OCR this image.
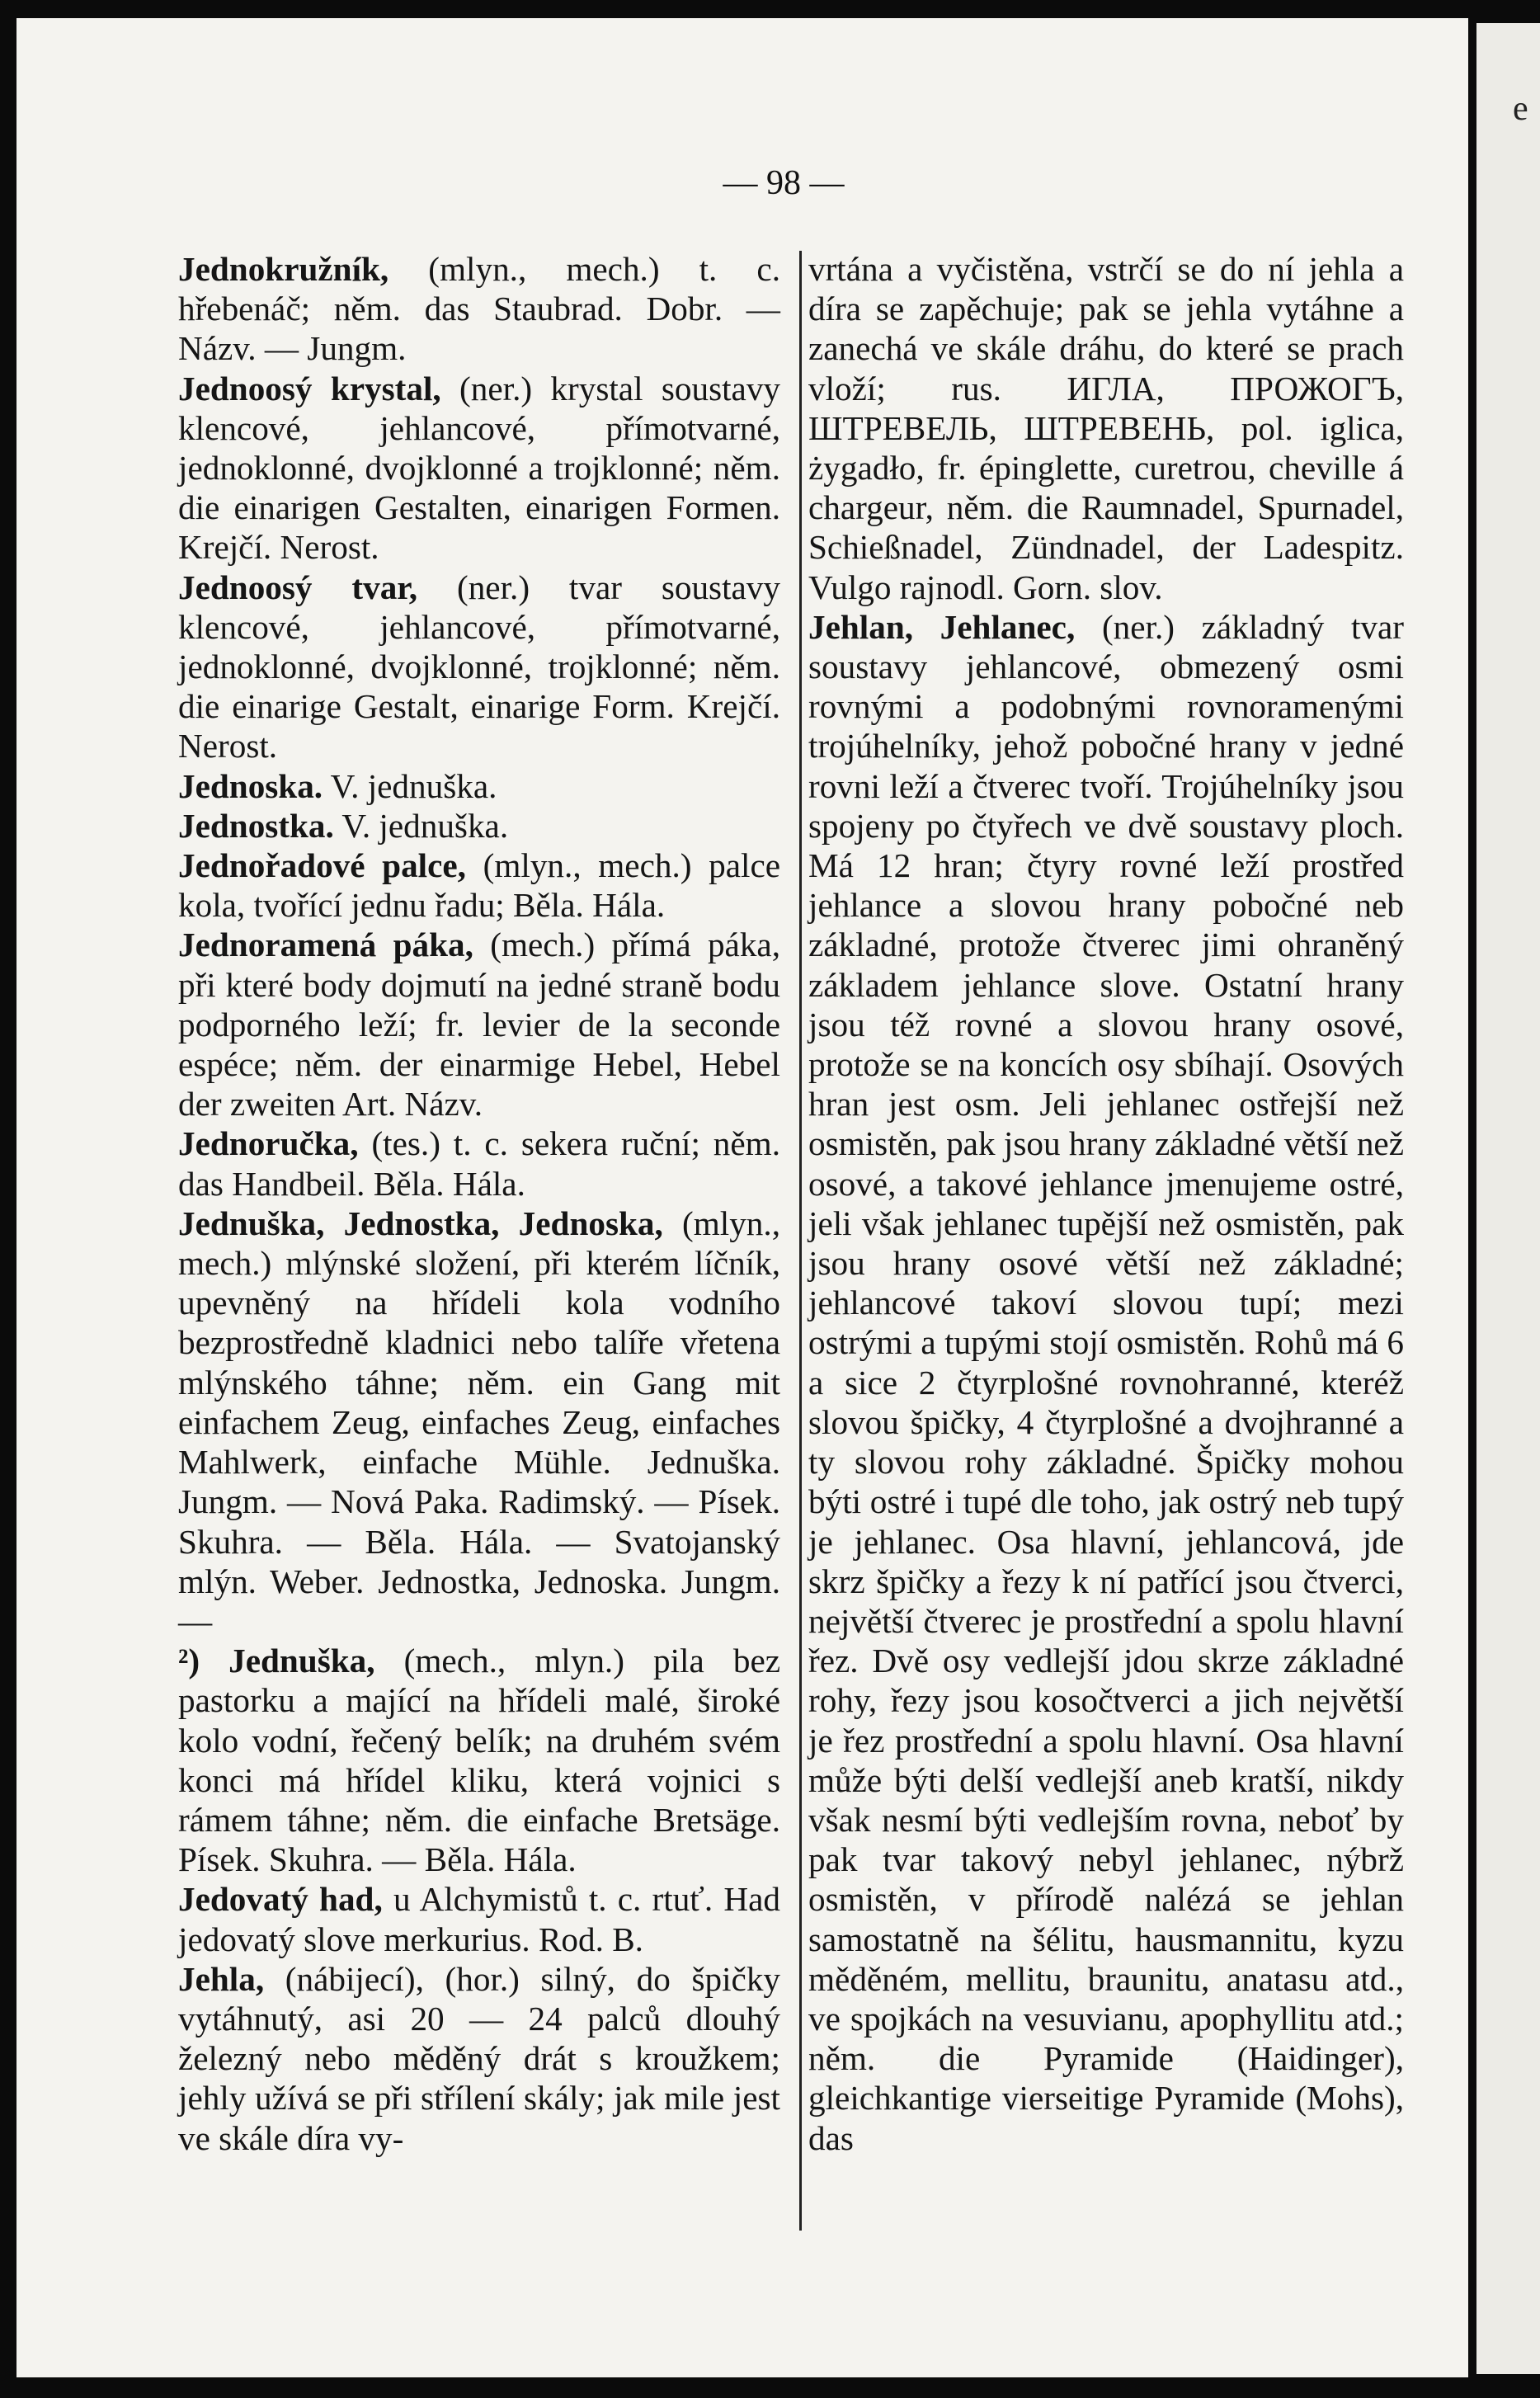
— 98 —

Jednokružník, (mlyn., mech.) t. c. hřebenáč; něm. das Staubrad. Dobr. — Názv. — Jungm.

Jednoosý krystal, (ner.) krystal soustavy klencové, jehlancové, přímotvarné, jednoklonné, dvojklonné a trojklonné; něm. die einarigen Gestalten, einarigen Formen. Krejčí. Nerost.

Jednoosý tvar, (ner.) tvar soustavy klencové, jehlancové, přímotvarné, jednoklonné, dvojklonné, trojklonné; něm. die einarige Gestalt, einarige Form. Krejčí. Nerost.

Jednoska. V. jednuška.

Jednostka. V. jednuška.

Jednořadové palce, (mlyn., mech.) palce kola, tvořící jednu řadu; Běla. Hála.

Jednoramená páka, (mech.) přímá páka, při které body dojmutí na jedné straně bodu podporného leží; fr. levier de la seconde espéce; něm. der einarmige Hebel, Hebel der zweiten Art. Názv.

Jednoručka, (tes.) t. c. sekera ruční; něm. das Handbeil. Běla. Hála.

Jednuška, Jednostka, Jednoska, (mlyn., mech.) mlýnské složení, při kterém líčník, upevněný na hřídeli kola vodního bezprostředně kladnici nebo talíře vřetena mlýnského táhne; něm. ein Gang mit einfachem Zeug, einfaches Zeug, einfaches Mahlwerk, einfache Mühle. Jednuška. Jungm. — Nová Paka. Radimský. — Písek. Skuhra. — Běla. Hála. — Svatojanský mlýn. Weber. Jednostka, Jednoska. Jungm. —

²) Jednuška, (mech., mlyn.) pila bez pastorku a mající na hřídeli malé, široké kolo vodní, řečený belík; na druhém svém konci má hřídel kliku, která vojnici s rámem táhne; něm. die einfache Bretsäge. Písek. Skuhra. — Běla. Hála.

Jedovatý had, u Alchymistů t. c. rtuť. Had jedovatý slove merkurius. Rod. B.

Jehla, (nábijecí), (hor.) silný, do špičky vytáhnutý, asi 20 — 24 palců dlouhý železný nebo měděný drát s kroužkem; jehly užívá se při střílení skály; jak mile jest ve skále díra vy-

vrtána a vyčistěna, vstrčí se do ní jehla a díra se zapěchuje; pak se jehla vytáhne a zanechá ve skále dráhu, do které se prach vloží; rus. ИГЛА, ПРОЖОГЪ, ШТРЕВЕЛЬ, ШТРЕВЕНЬ, pol. iglica, żygadło, fr. épinglette, curetrou, cheville á chargeur, něm. die Raumnadel, Spurnadel, Schießnadel, Zündnadel, der Ladespitz. Vulgo rajnodl. Gorn. slov.

Jehlan, Jehlanec, (ner.) základný tvar soustavy jehlancové, obmezený osmi rovnými a podobnými rovnoramenými trojúhelníky, jehož pobočné hrany v jedné rovni leží a čtverec tvoří. Trojúhelníky jsou spojeny po čtyřech ve dvě soustavy ploch. Má 12 hran; čtyry rovné leží prostřed jehlance a slovou hrany pobočné neb základné, protože čtverec jimi ohraněný základem jehlance slove. Ostatní hrany jsou též rovné a slovou hrany osové, protože se na koncích osy sbíhají. Osových hran jest osm. Jeli jehlanec ostřejší než osmistěn, pak jsou hrany základné větší než osové, a takové jehlance jmenujeme ostré, jeli však jehlanec tupější než osmistěn, pak jsou hrany osové větší než základné; jehlancové takoví slovou tupí; mezi ostrými a tupými stojí osmistěn. Rohů má 6 a sice 2 čtyrplošné rovnohranné, kteréž slovou špičky, 4 čtyrplošné a dvojhranné a ty slovou rohy základné. Špičky mohou býti ostré i tupé dle toho, jak ostrý neb tupý je jehlanec. Osa hlavní, jehlancová, jde skrz špičky a řezy k ní patřící jsou čtverci, největší čtverec je prostřední a spolu hlavní řez. Dvě osy vedlejší jdou skrze základné rohy, řezy jsou kosočtverci a jich největší je řez prostřední a spolu hlavní. Osa hlavní může býti delší vedlejší aneb kratší, nikdy však nesmí býti vedlejším rovna, neboť by pak tvar takový nebyl jehlanec, nýbrž osmistěn, v přírodě nalézá se jehlan samostatně na šélitu, hausmannitu, kyzu měděném, mellitu, braunitu, anatasu atd., ve spojkách na vesuvianu, apophyllitu atd.; něm. die Pyramide (Haidinger), gleichkantige vierseitige Pyramide (Mohs), das

e
